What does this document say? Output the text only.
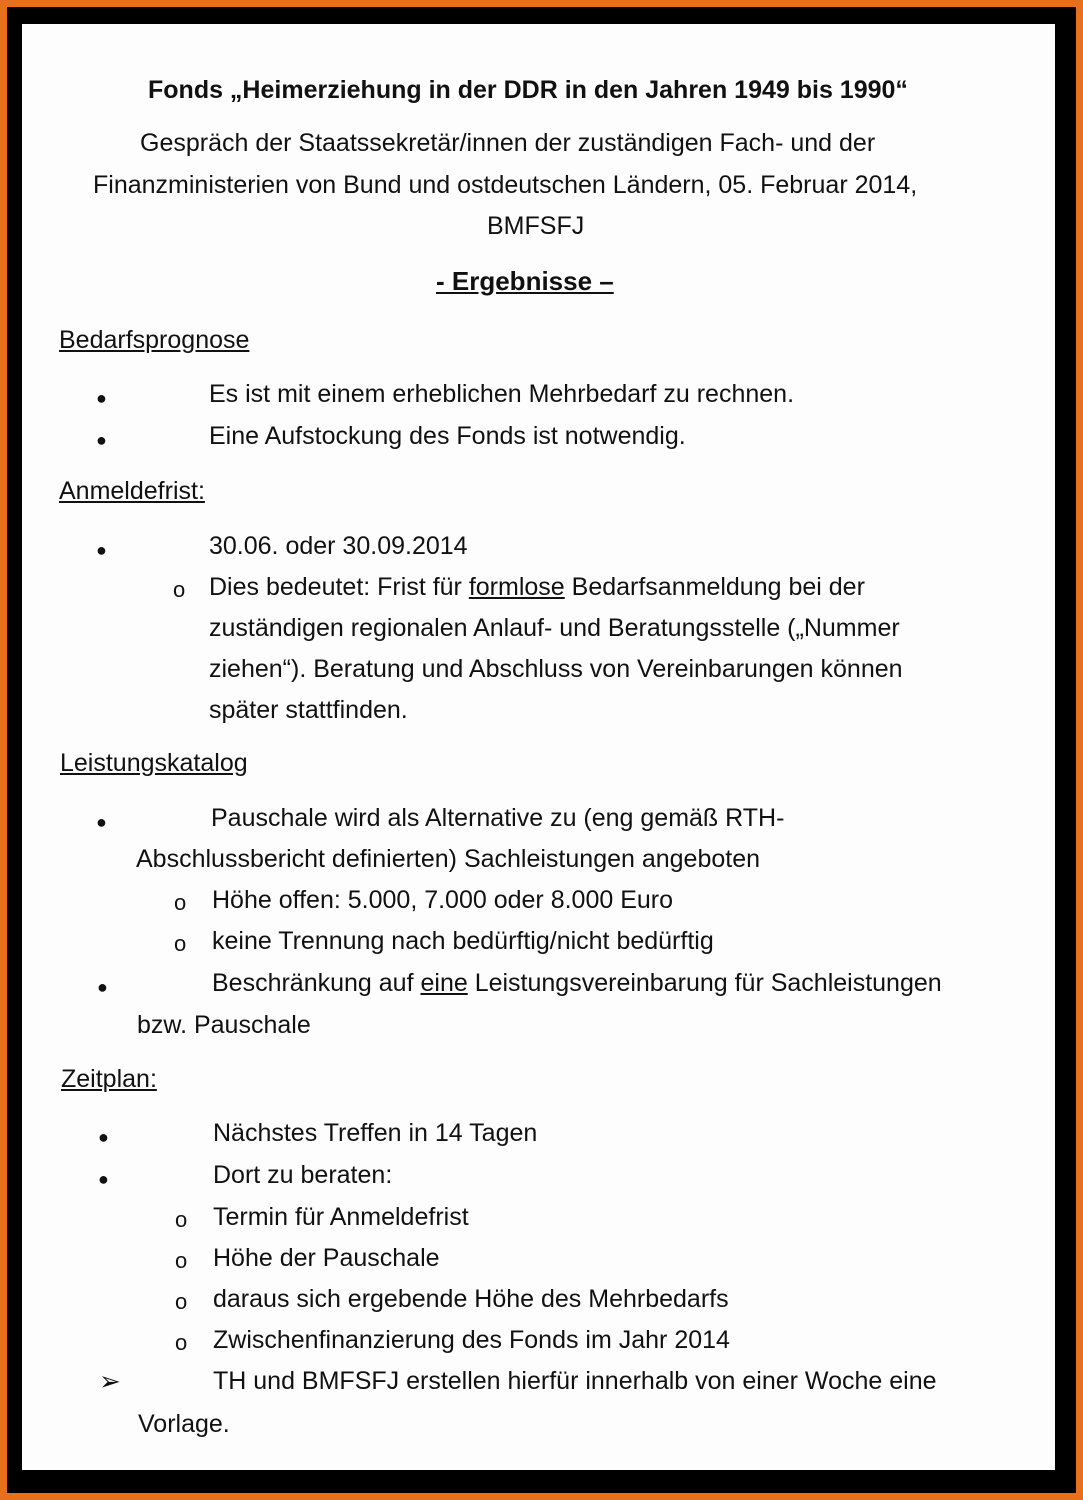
Fonds „Heimerziehung in der DDR in den Jahren 1949 bis 1990“
Gespräch der Staatssekretär/innen der zuständigen Fach- und der
Finanzministerien von Bund und ostdeutschen Ländern, 05. Februar 2014,
BMFSFJ
- Ergebnisse –
Bedarfsprognose
●	Es ist mit einem erheblichen Mehrbedarf zu rechnen.
●	Eine Aufstockung des Fonds ist notwendig.
Anmeldefrist:
●	30.06. oder 30.09.2014
o Dies bedeutet: Frist für formlose Bedarfsanmeldung bei der
zuständigen regionalen Anlauf- und Beratungsstelle („Nummer
ziehen“). Beratung und Abschluss von Vereinbarungen können
später stattfinden.
Leistungskatalog
●	Pauschale wird als Alternative zu (eng gemäß RTH-
Abschlussbericht definierten) Sachleistungen angeboten
o Höhe offen: 5.000, 7.000 oder 8.000 Euro
o keine Trennung nach bedürftig/nicht bedürftig
●	Beschränkung auf eine Leistungsvereinbarung für Sachleistungen
bzw. Pauschale
Zeitplan:
●	Nächstes Treffen in 14 Tagen
●	Dort zu beraten:
o Termin für Anmeldefrist
o Höhe der Pauschale
o daraus sich ergebende Höhe des Mehrbedarfs
o Zwischenfinanzierung des Fonds im Jahr 2014
➢	TH und BMFSFJ erstellen hierfür innerhalb von einer Woche eine
Vorlage.
